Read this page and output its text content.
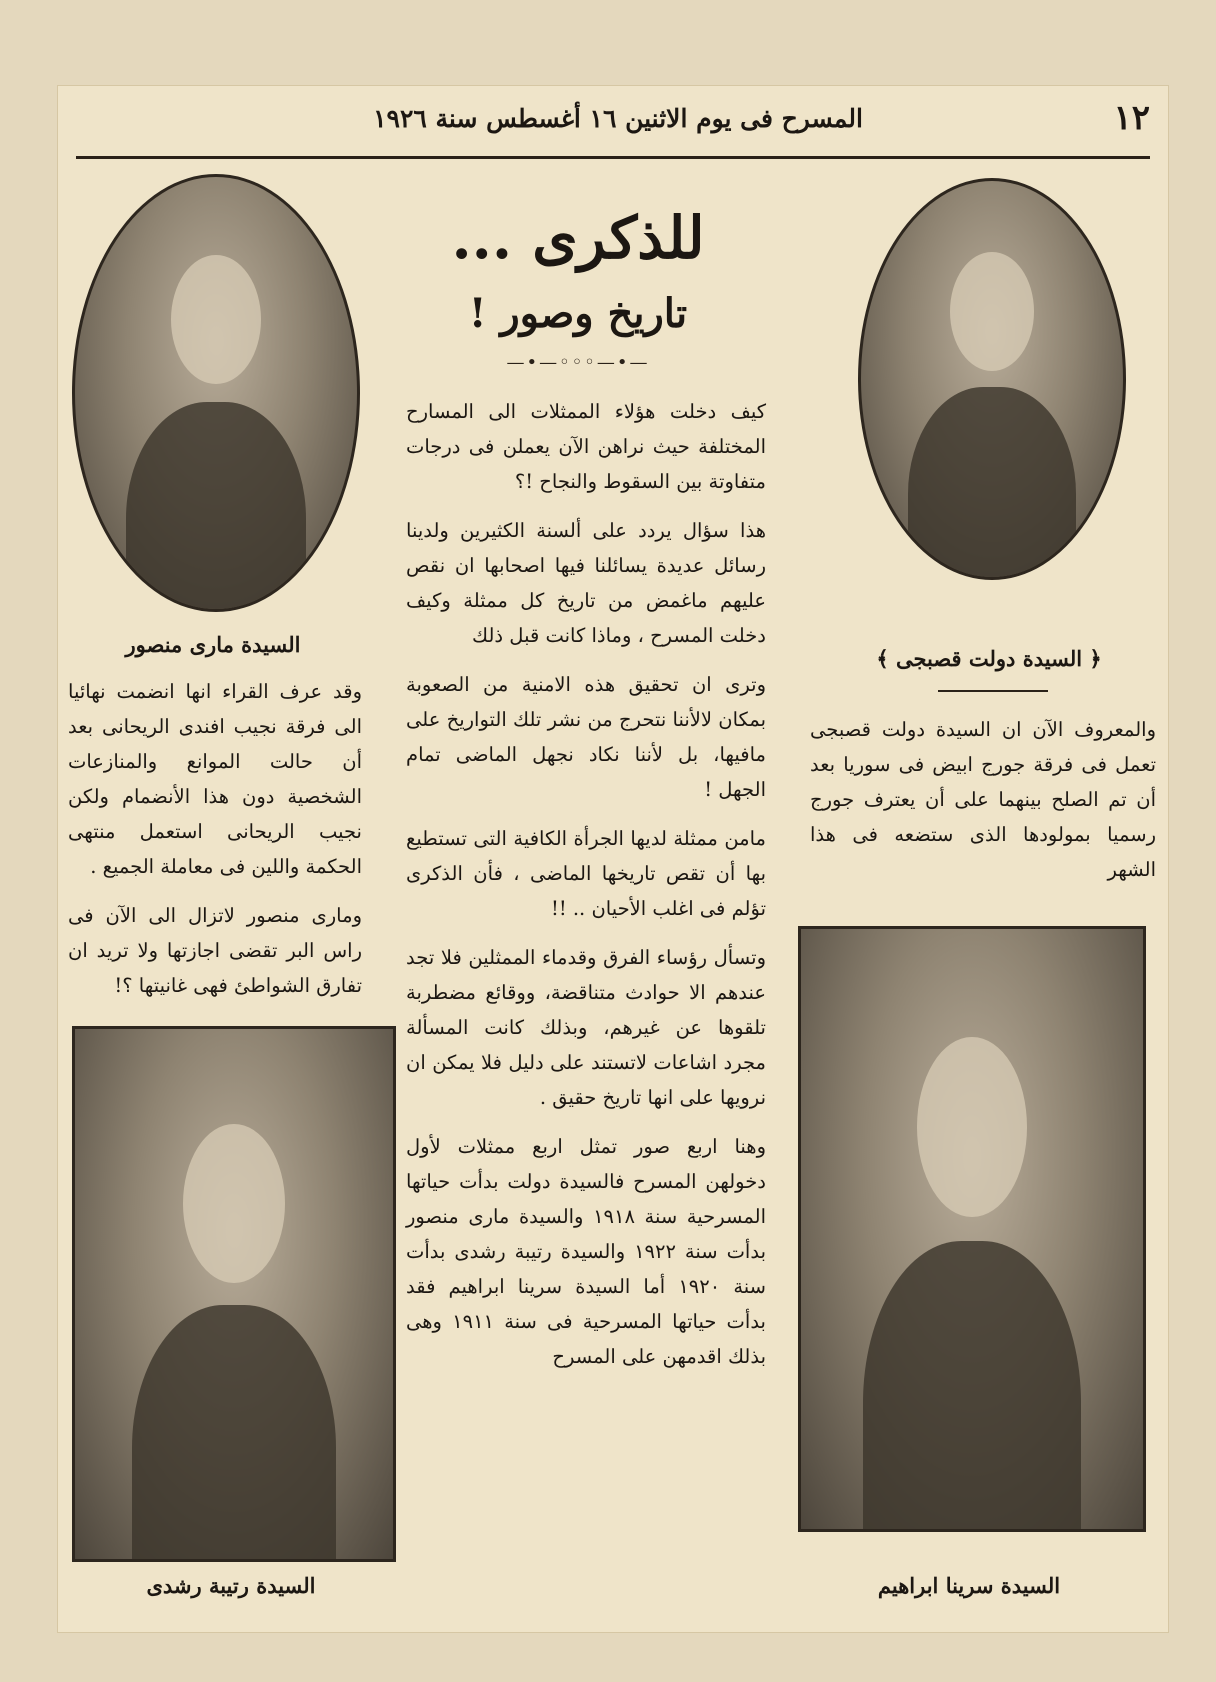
المسرح فى يوم الاثنين ١٦ أغسطس سنة ١٩٢٦	١٢
السيدة مارى منصور

وقد عرف القراء انها انضمت نهائيا الى فرقة نجيب افندى الريحانى بعد أن حالت الموانع والمنازعات الشخصية دون هذا الأنضمام ولكن نجيب الريحانى استعمل منتهى الحكمة واللين فى معاملة الجميع .

ومارى منصور لاتزال الى الآن فى راس البر تقضى اجازتها ولا تريد ان تفارق الشواطئ فهى غانيتها ؟!

السيدة رتيبة رشدى
للذكرى ...
تاريخ وصور !
—•—◦◦◦—•—

كيف دخلت هؤلاء الممثلات الى المسارح المختلفة حيث نراهن الآن يعملن فى درجات متفاوتة بين السقوط والنجاح !؟

هذا سؤال يردد على ألسنة الكثيرين ولدينا رسائل عديدة يسائلنا فيها اصحابها ان نقص عليهم ماغمض من تاريخ كل ممثلة وكيف دخلت المسرح ، وماذا كانت قبل ذلك

وترى ان تحقيق هذه الامنية من الصعوبة بمكان لالأننا نتحرج من نشر تلك التواريخ على مافيها، بل لأننا نكاد نجهل الماضى تمام الجهل !

مامن ممثلة لديها الجرأة الكافية التى تستطيع بها أن تقص تاريخها الماضى ، فأن الذكرى تؤلم فى اغلب الأحيان .. !!

وتسأل رؤساء الفرق وقدماء الممثلين فلا تجد عندهم الا حوادث متناقضة، ووقائع مضطربة تلقوها عن غيرهم، وبذلك كانت المسألة مجرد اشاعات لاتستند على دليل فلا يمكن ان نرويها على انها تاريخ حقيق .

وهنا اربع صور تمثل اربع ممثلات لأول دخولهن المسرح فالسيدة دولت بدأت حياتها المسرحية سنة ١٩١٨ والسيدة مارى منصور بدأت سنة ١٩٢٢ والسيدة رتيبة رشدى بدأت سنة ١٩٢٠ أما السيدة سرينا ابراهيم فقد بدأت حياتها المسرحية فى سنة ١٩١١ وهى بذلك اقدمهن على المسرح

﴿ السيدة دولت قصبجى ﴾

والمعروف الآن ان السيدة دولت قصبجى تعمل فى فرقة جورج ابيض فى سوريا بعد أن تم الصلح بينهما على أن يعترف جورج رسميا بمولودها الذى ستضعه فى هذا الشهر

السيدة سرينا ابراهيم
